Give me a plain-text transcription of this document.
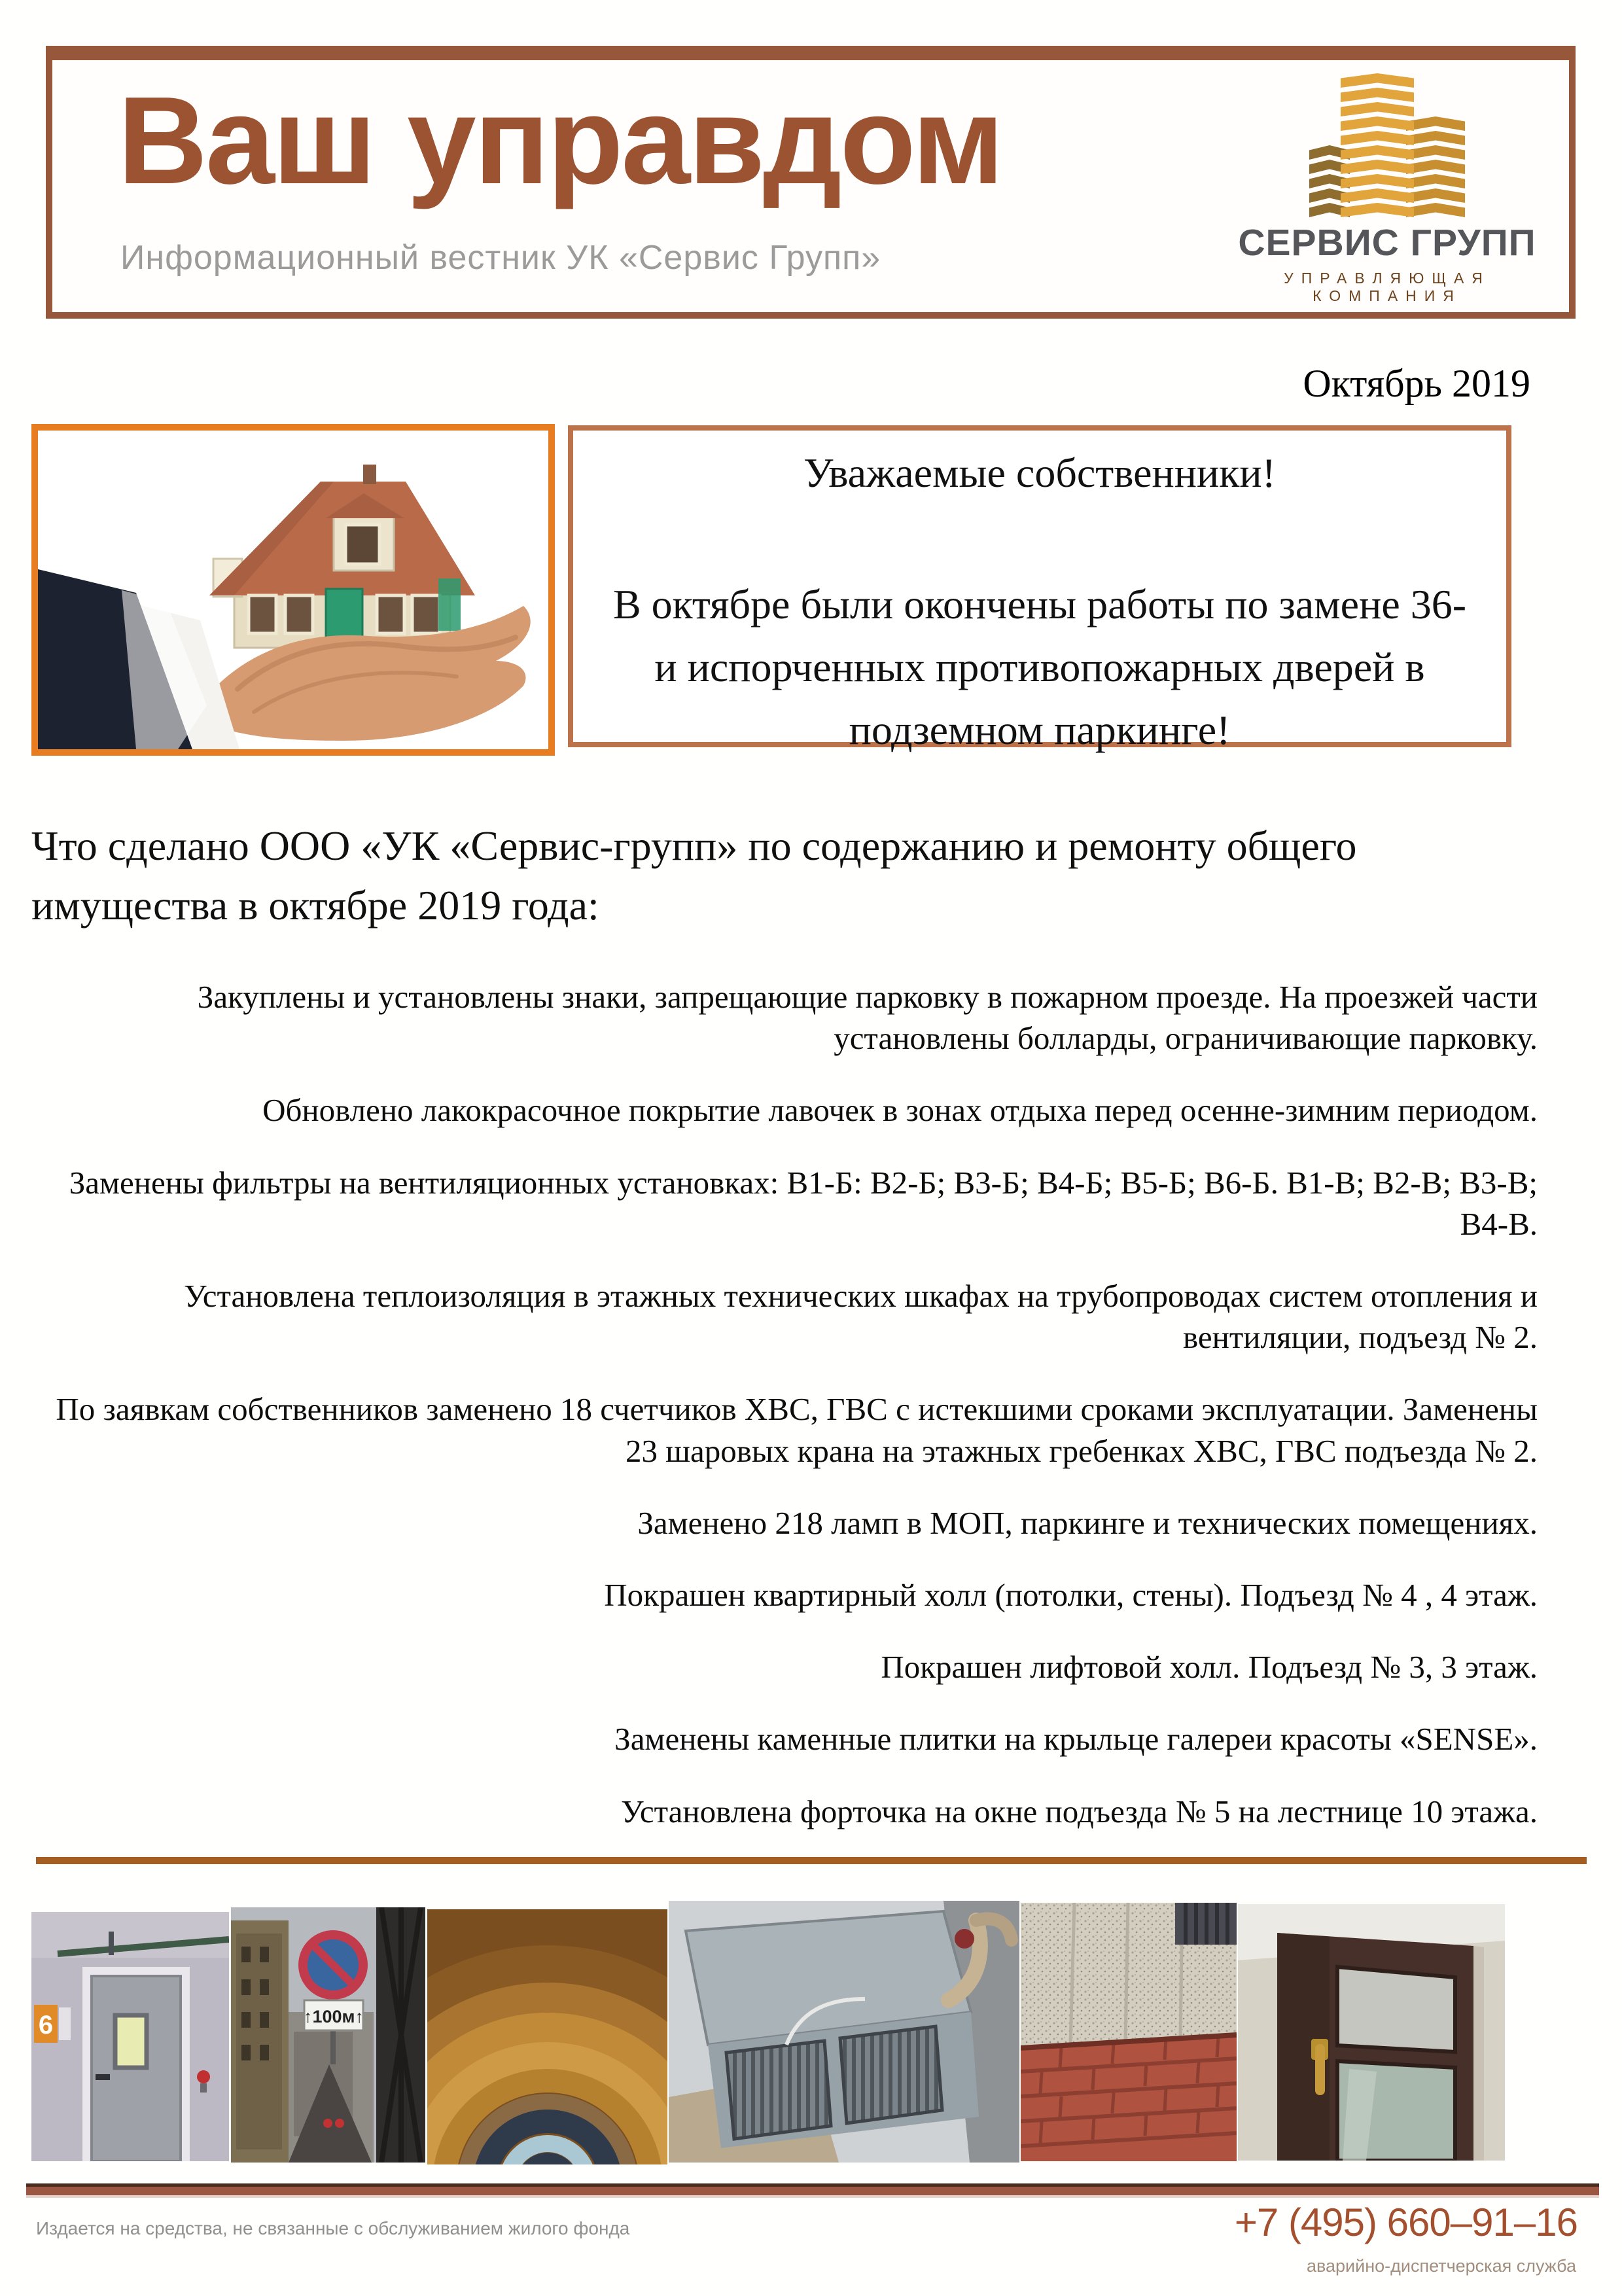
Ваш управдом
Информационный вестник УК «Сервис Групп»	СЕРВИС ГРУПП
УПРАВЛЯЮЩАЯ КОМПАНИЯ
Октябрь 2019
Уважаемые собственники!
В октябре были окончены работы по замене 36-и испорченных противопожарных дверей в подземном паркинге!
Что сделано ООО «УК «Сервис-групп» по содержанию и ремонту общего имущества в октябре 2019 года:

Закуплены и установлены знаки, запрещающие парковку в пожарном проезде. На проезжей части установлены болларды, ограничивающие парковку.

Обновлено лакокрасочное покрытие лавочек в зонах отдыха перед осенне-зимним периодом.

Заменены фильтры на вентиляционных установках: В1-Б: В2-Б; В3-Б; В4-Б; В5-Б; В6-Б. В1-В; В2-В; В3-В; В4-В.

Установлена теплоизоляция в этажных технических шкафах на трубопроводах систем отопления и вентиляции, подъезд № 2.

По заявкам собственников заменено 18 счетчиков ХВС, ГВС с истекшими сроками эксплуатации. Заменены 23 шаровых крана на этажных гребенках ХВС, ГВС подъезда № 2.

Заменено 218 ламп в МОП, паркинге и технических помещениях.

Покрашен квартирный холл (потолки, стены). Подъезд № 4 , 4 этаж.

Покрашен лифтовой холл. Подъезд № 3, 3 этаж.

Заменены каменные плитки на крыльце галереи красоты «SENSE».

Установлена форточка на окне подъезда № 5 на лестнице 10 этажа.

6	↑100м↑
Издается на средства, не связанные с обслуживанием жилого фонда	+7 (495) 660–91–16
аварийно-диспетчерская служба
